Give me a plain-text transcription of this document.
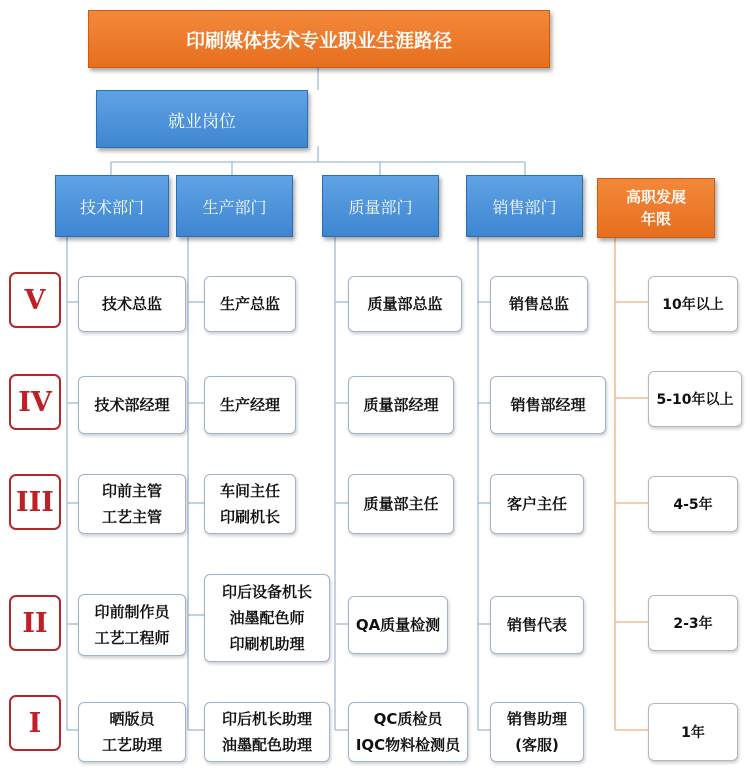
印刷媒体技术专业职业生涯路径
就业岗位
技术部门	生产部门	质量部门	销售部门
高职发展
年限
V
IV
III
II
I
技术总监
技术部经理
印前主管
工艺主管
印前制作员
工艺工程师
晒版员
工艺助理
生产总监
生产经理
车间主任
印刷机长
印后设备机长
油墨配色师
印刷机助理
印后机长助理
油墨配色助理
质量部总监
质量部经理
质量部主任
QA质量检测
QC质检员
IQC物料检测员
销售总监
销售部经理
客户主任
销售代表
销售助理
(客服)
10年以上
5-10年以上
4-5年
2-3年
1年
